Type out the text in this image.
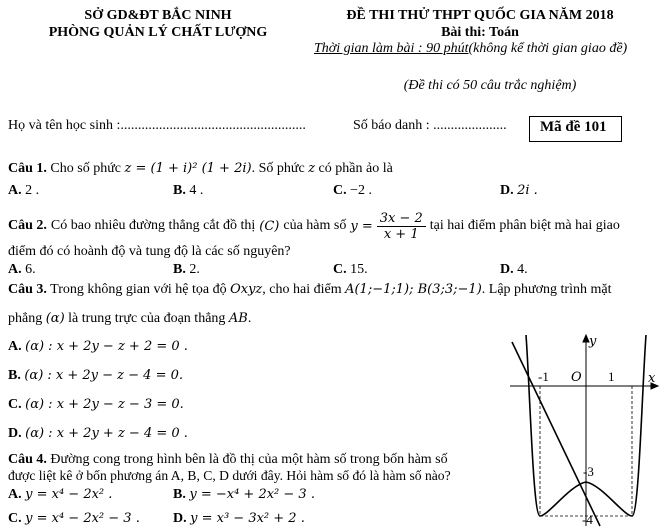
SỞ GD&ĐT BẮC NINH
PHÒNG QUẢN LÝ CHẤT LƯỢNG
ĐỀ THI THỬ THPT QUỐC GIA NĂM 2018
Bài thi: Toán
Thời gian làm bài : 90 phút(không kể thời gian giao đề)
(Đề thi có 50 câu trắc nghiệm)
Họ và tên học sinh :.....................................................	Số báo danh : .....................	Mã đề 101
Câu 1. Cho số phức z = (1 + i)² (1 + 2i). Số phức z có phần ảo là
A. 2 .	B. 4 .	C. −2 .	D. 2i .
Câu 2. Có bao nhiêu đường thẳng cắt đồ thị (C) của hàm số $y = \frac{3x - 2}{x + 1}$ tại hai điểm phân biệt mà hai giao
điểm đó có hoành độ và tung độ là các số nguyên?
A. 6.	B. 2.	C. 15.	D. 4.
Câu 3. Trong không gian với hệ tọa độ Oxyz, cho hai điểm A(1;−1;1); B(3;3;−1). Lập phương trình mặt
phẳng (α) là trung trực của đoạn thẳng AB.
A. (α) : x + 2y − z + 2 = 0 .
B. (α) : x + 2y − z − 4 = 0.
C. (α) : x + 2y − z − 3 = 0.
D. (α) : x + 2y + z − 4 = 0 .
Câu 4. Đường cong trong hình bên là đồ thị của một hàm số trong bốn hàm số
được liệt kê ở bốn phương án A, B, C, D dưới đây. Hỏi hàm số đó là hàm số nào?
A. y = x⁴ − 2x² .	B. y = −x⁴ + 2x² − 3 .
C. y = x⁴ − 2x² − 3 . D. y = x³ − 3x² + 2 .
y
x
O
-1	1
-3
-4
